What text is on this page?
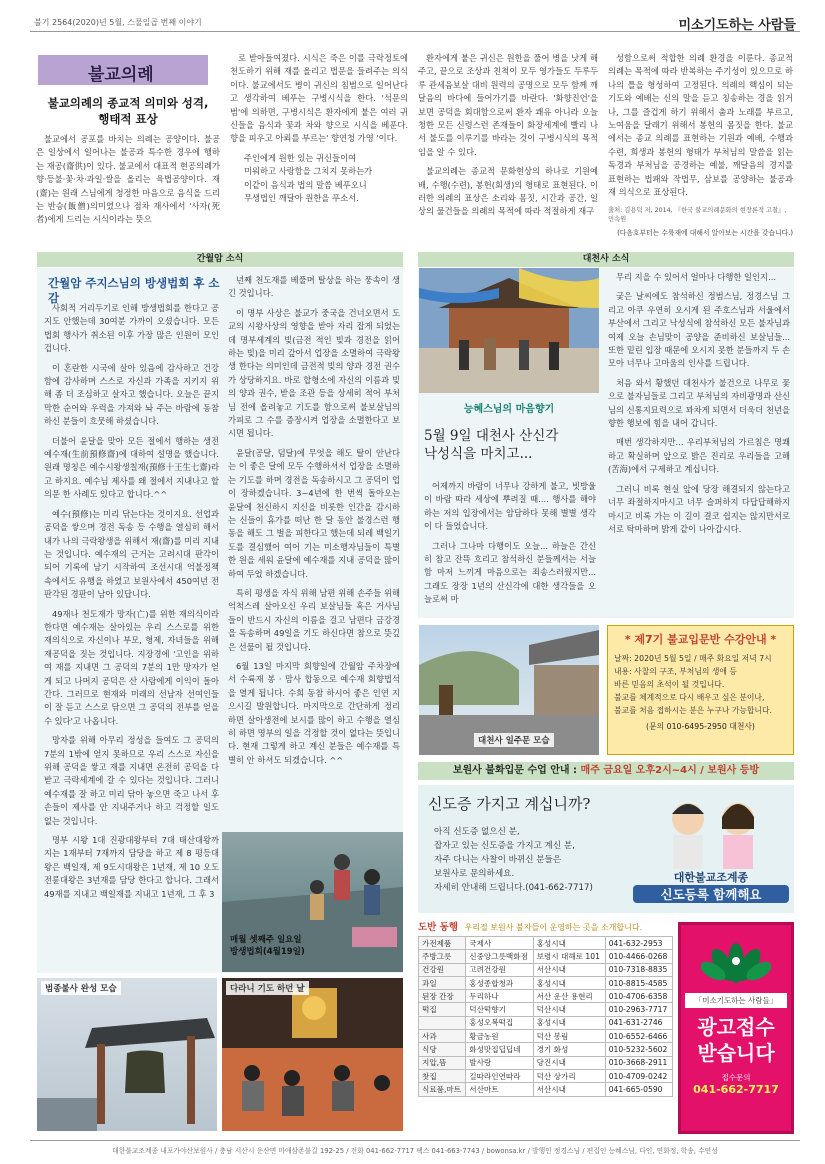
불기 2564(2020)년 5월, 스물일곱 번째 이야기	미소기도하는 사람들
불교의례
불교의례의 종교적 의미와 성격,
행태적 표상

불교에서 공포를 바치는 의례는 공양이다. 불공은 일상에서 일어나는 불공과 특수한 경우에 행하는 재공(齋供)이 있다. 불교에서 대표적 현공의례가 향·등불·꽃·차·과일·쌀을 올리는 육법공양이다. 재(齋)는 원래 스님에게 청정한 마음으로 음식을 드리는 반승(飯僧)의미였으나 점차 재사에서 '사자(死者)에게 드리는 시식이라는 뜻으

로 받아들여졌다. 시식은 죽은 이를 극락정토에 천도하기 위해 재를 올리고 법문을 들려주는 의식이다. 불교에서도 병이 귀신의 침범으로 일어난다고 생각하여 베푸는 구병시식을 한다. '석문의범'에 의하면, 구병시식은 환자에게 붙은 여러 귀신들을 음식과 꽃과 차와 향으로 시식을 베푼다. 향을 피우고 아뢰를 부르는' 향연청 가영 '이다.

주인에게 원한 있는 귀신들이여
미워하고 사랑함을 그치지 못하는가
이같이 음식과 법의 말씀 베푸오니
무생법인 깨달아 원한을 푸소서.

환자에게 붙은 귀신은 원한을 풀어 병을 낫게 해주고, 끝으로 조상과 친척이 모두 영가들도 두루두루 관세음보살 대비 원력의 공명으로 모두 함께 깨달음의 바다에 들어가기를 바란다. '화향진언'을 보면 공덕을 회대함으로써 환자 쾌유 아니라 오늘 청한 모든 신령스런 존재들이 화장세계에 빨리 나서 불도를 이루기를 바라는 것이 구병시식의 목적임을 알 수 있다.

불교의례는 종교적 문화현상의 하나로 기원예배, 수행(수련), 봉헌(회생)의 형태로 표현된다. 이러한 의례의 표상은 소리와 몸짓, 시간과 공간, 일상의 물건들을 의례의 목적에 따라 적절하게 재구

성함으로써 적합한 의례 환경을 이룬다. 종교적 의례는 목적에 따라 반복하는 주기성이 있으므로 하나의 틀을 형성하여 고정된다. 의례의 핵심이 되는 기도와 예배는 신의 말을 듣고 칭송하는 경을 읽거나, 그를 즐겁게 하기 위해서 춤과 노래를 부르고, 노여움을 달래기 위해서 봉헌의 몸짓을 한다. 불교에서는 종교 의례를 표현하는 기원과 예배, 수행과 수련, 희생과 봉헌의 형태가 부처님의 말씀을 읽는 독경과 부처님을 공경하는 예불, 깨달음의 경지를 표현하는 법패와 작법무, 삼보를 공양하는 불공과 재 의식으로 표상된다.

출처: 김용덕 저, 2014, 『한국 불교의례문화의 현장론적 고찰』, 민속원
(다음호부터는 수륙재에 대해서 알아보는 시간을 갖습니다.)
간월암 소식
간월암 주지스님의 방생법회 후 소감

사회적 거리두기로 인해 방생법회를 한다고 공지도 안했는데 30여분 가까이 오셨습니다. 모든 법회 행사가 취소된 이후 가장 많은 인원이 모인 겁니다.

이 혼란한 시국에 살아 있음에 감사하고 건강함에 감사하며 스스로 자신과 가족을 지키지 위해 좀 더 조심하고 살자고 했습니다. 오늘은 끝지막한 순어와 우럭을 가져와 놔 주는 바람에 동참 하신 분들이 흐뭇해 하셨습니다.

더불어 윤달을 맞아 모든 절에서 행하는 생전예수재(生前預修齋)에 대하여 설명을 했습니다. 원래 명칭은 예수시왕생칠재(預修十王生七齋)라고 하지요. 예수님 제사를 왜 절에서 지내나고 할 의문 한 사례도 있다고 합니다.^^

예수(預修)는 미리 닦는다는 것이지요. 선업과 공덕을 쌓으며 경전 독송 등 수행을 열심히 해서 내가 나의 극락왕생을 위해서 재(齋)를 미리 지내는 것입니다. 예수재의 근거는 고려시대 판각이 되어 기록에 남기 시작하여 조선시대 억불정책 속에서도 유행을 하였고 보원사에서 450여년 전 판각된 경판이 남아 있답니다.

49재나 천도재가 망자(亡)를 위한 재의식이라 한다면 예수재는 살아있는 우리 스스로를 위한 재의식으로 자신이나 부모, 형제, 자녀들을 위해 재공덕을 짓는 것입니다. 지장경에 '고인을 위하여 재를 지내면 그 공덕의 7분의 1만 망자가 얻게 되고 나머지 공덕은 산 사람에게 이익이 돌아간다. 그러므로 현재와 미래의 선남자 선여인들이 잘 듣고 스스로 닦으면 그 공덕의 전부를 얻을 수 있다'고 나옵니다.

망자를 위해 아무리 정성을 들여도 그 공덕의 7분의 1밖에 얻지 못하므로 우리 스스로 자신을 위해 공덕을 쌓고 재를 지내면 온전히 공덕을 다 받고 극락세계에 갈 수 있다는 것입니다. 그러니 예수재를 잘 하고 미리 닦아 놓으면 죽고 나서 후손들이 제사를 안 지내주거나 하고 걱정할 일도 없는 것입니다.

명부 시왕 1대 진광대왕부터 7대 태산대왕까지는 1재부터 7재까지 담당을 하고 제 8 평등대왕은 백일재, 제 9도시대왕은 1년재, 제 10 오도전륜대왕은 3년재를 담당 한다고 합니다. 그래서 49재를 지내고 백일재를 지내고 1년재, 그 후 3

년째 천도재를 베풀며 탈상을 하는 풍속이 생긴 것입니다.

이 명부 사상은 불교가 중국을 건너오면서 도교의 시왕사상의 영향을 받아 자리 잡게 되었는데 명부세계의 빚(금전 적인 빚과 경전을 읽어 하는 빚)을 미리 갚아서 업장을 소멸하여 극락왕생 한다는 의미인데 금전적 빚의 양과 경전 권수가 상당하지요. 바로 합형소에 자신의 이름과 빚의 양과 권수, 받을 조관 등을 상세히 적어 부처님 전에 올려놓고 기도를 함으로써 불보살님의 가피로 그 수를 증장시켜 업장을 소멸한다고 보시면 됩니다.

윤달(공달, 덤달)에 무엇을 해도 탈이 안난다는 이 좋은 달에 모두 수행하셔서 업장을 소멸하는 기도를 하며 경전을 독송하시고 그 공덕이 업이 장하겠습니다. 3~4년에 한 번씩 돌아오는 윤달에 천신하시 지신을 비롯한 인간을 감시하는 신들이 휴가를 떠난 한 달 동안 불경스런 행동을 해도 그 벌을 피한다고 했는데 되레 백일기도를 결심했어 여어 기는 미소행자님들이 특별한 원을 세워 윤달에 예수재를 지내 공덕을 많이 하여 두었 하겠습니다.

특히 평생을 자식 위해 남편 위해 손주들 위해 억척스레 살아오신 우리 보살님들 혹은 거사님들이 반드시 자신의 이름을 걸고 남편다 금강경을 독송하며 49일을 기도 하신다면 참으로 뜻깊은 선물이 될 것입니다.

6월 13일 마지막 회향일에 간월암 주차장에서 수륙재 봉 · 맘사 합동으로 예수재 회향법석을 열게 됩니다. 수희 동참 하시어 좋은 인연 지으시길 발원합니다. 마지막으로 간단하게 정리하면 살아생전에 보시를 많이 하고 수행을 열심히 하면 명부의 일을 걱정할 것이 없다는 뜻입니다. 현재 그렇게 하고 계신 분들은 예수재를 특별히 안 하셔도 되겠습니다. ^^

매월 셋째주 일요일
방생법회(4월19일)
범종불사 완성 모습	다라니 기도 하던 날
대천사 소식
능혜스님의 마음향기
5월 9일 대천사 산신각
낙성식을 마치고...

어제까지 바람이 너무나 강하게 불고, 빗방울이 바람 따라 세상에 뿌려질 때.... 행사를 해야 하는 저의 입장에서는 암담하다 못해 별별 생각이 다 들었습니다.

그러나 그나마 다행이도 오늘... 하늘은 간신히 참고 잔뜩 흐리고 참석하신 분들께서는 서늘함 마저 느끼게 마음으로는 죄송스러웠지만... 그래도 장장 1년의 산신각에 대한 생각들을 오늘로써 마

무리 지을 수 있어서 얼마나 다행한 일인지...

궂은 날씨에도 참석하신 정범스님, 정경스님 그리고 아쿠 우연히 오시게 된 주호스님과 서울에서 부산에서 그리고 낙성식에 참석하신 모든 불자님과 여제 오늘 손님맞이 공양을 준비하신 보살님들... 또한 밑린 입장 때문에 오시지 못한 분들까지 두 손 모아 너무나 고마움의 인사를 드립니다.

처음 와서 황했던 대천사가 불건으로 나무로 꽃으로 불자님들로 그리고 부처님의 자비광명과 산신님의 신통지묘력으로 꽈차게 되면서 더욱더 천년을 향한 행보에 힘을 내어 갑니다.

매번 생각하지만... 우리부처님의 가르침은 명쾌하고 확실하며 앞으로 밝은 진리로 우리들을 고해(苦海)에서 구제하고 계십니다.

그러니 비록 현실 앞에 당장 해결되지 않는다고 너무 좌절하지마시고 너무 슬퍼하지 다답답해하지 마시고 비록 가는 이 길이 결코 쉽지는 않지만서로 서로 탁마하며 밝게 같이 나아갑시다.

대천사 일주문 모습
* 제7기 불교입문반 수강안내 *
날짜: 2020년 5월 5일 / 매주 화요일 저녁 7시
내용: 사찰의 구조, 부처님의 생애 등
바른 믿음의 초석이 될 것입니다.
불교를 체계적으로 다시 배우고 싶은 분이나,
불교를 처음 접하시는 분은 누구나 가능합니다.
(문의 010-6495-2950 대천사)
보원사 불화입문 수업 안내 : 매주 금요일 오후2시~4시 / 보원사 등방
신도증 가지고 계십니까?
아직 신도증 없으신 분,
잡자고 있는 신도증을 가지고 계신 분,
자주 다니는 사찰이 바뀌신 분들은
보원사로 문의하세요.
자세히 안내해 드립니다.(041-662-7717)
대한불교조계종
신도등록 함께해요
도반 동행 우리절 보원사 불자들이 운영하는 곳을 소개합니다.
가전제품	국제사	홍성시내	041-632-2953
주방그릇	신중앙그릇백화점	보령시 대해로 101	010-4466-0268
건강원	고려건강원	서산시내	010-7318-8835
과일	홍성종합청과	홍성시내	010-8815-4585
된장 간장	두리하나	서산 운산 용현리	010-4706-6358
떡집	덕산떡향기	덕산시내	010-2963-7717
	홍성오복떡집	홍성시내	041-631-2746
사과	황금농원	덕산 봉림	010-6552-6466
식당	화성맛집딥딥네	경기 화성	010-5232-5602
지압,뜸	발사랑	당진시내	010-3668-2911
찻집	길따라인연따라	덕산 상가리	010-4709-0242
식료품,마트	서산마트	서산시내	041-665-0590
「미소기도하는 사람들」
광고접수
받습니다
접수문의
041-662-7717
대한불교조계종 내포가야산보원사 / 충남 서산시 운산면 마애삼존불길 192-25 / 전화 041-662-7717 팩스 041-663-7743 / bowonsa.kr / 발행인 정경스님 / 편집인 능혜스님, 다인, 연화정, 학송, 수연성
